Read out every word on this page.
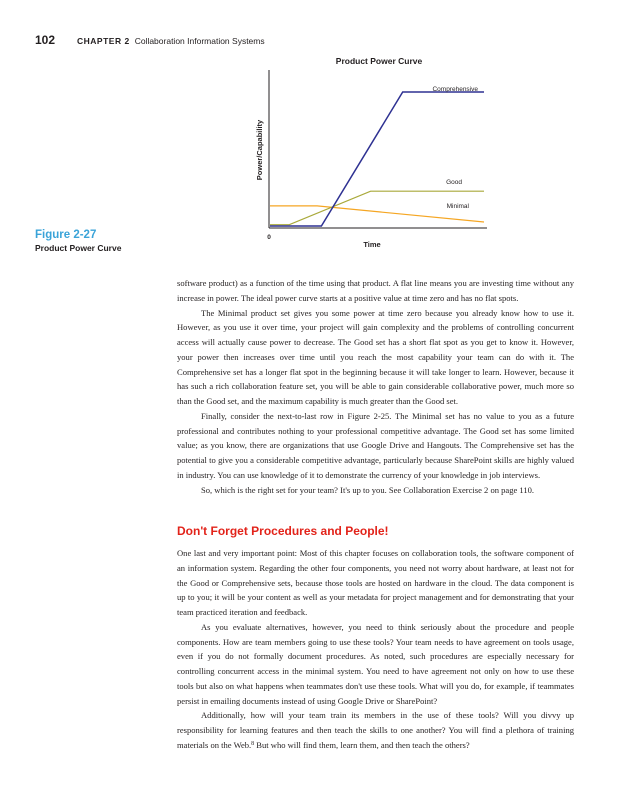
102	CHAPTER 2 Collaboration Information Systems
Figure 2-27
Product Power Curve
Product Power Curve
Power/Capability
Time
0
Comprehensive
Good
Minimal

software product) as a function of the time using that product. A flat line means you are investing time without any increase in power. The ideal power curve starts at a positive value at time zero and has no flat spots.

The Minimal product set gives you some power at time zero because you already know how to use it. However, as you use it over time, your project will gain complexity and the problems of controlling concurrent access will actually cause power to decrease. The Good set has a short flat spot as you get to know it. However, your power then increases over time until you reach the most capability your team can do with it. The Comprehensive set has a longer flat spot in the beginning because it will take longer to learn. However, because it has such a rich collaboration feature set, you will be able to gain considerable collaborative power, much more so than the Good set, and the maximum capability is much greater than the Good set.

Finally, consider the next-to-last row in Figure 2-25. The Minimal set has no value to you as a future professional and contributes nothing to your professional competitive advantage. The Good set has some limited value; as you know, there are organizations that use Google Drive and Hangouts. The Comprehensive set has the potential to give you a considerable competitive advantage, particularly because SharePoint skills are highly valued in industry. You can use knowledge of it to demonstrate the currency of your knowledge in job interviews.

So, which is the right set for your team? It's up to you. See Collaboration Exercise 2 on page 110.

Don't Forget Procedures and People!

One last and very important point: Most of this chapter focuses on collaboration tools, the software component of an information system. Regarding the other four components, you need not worry about hardware, at least not for the Good or Comprehensive sets, because those tools are hosted on hardware in the cloud. The data component is up to you; it will be your content as well as your metadata for project management and for demonstrating that your team practiced iteration and feedback.

As you evaluate alternatives, however, you need to think seriously about the procedure and people components. How are team members going to use these tools? Your team needs to have agreement on tools usage, even if you do not formally document procedures. As noted, such procedures are especially necessary for controlling concurrent access in the minimal system. You need to have agreement not only on how to use these tools but also on what happens when teammates don't use these tools. What will you do, for example, if teammates persist in emailing documents instead of using Google Drive or SharePoint?

Additionally, how will your team train its members in the use of these tools? Will you divvy up responsibility for learning features and then teach the skills to one another? You will find a plethora of training materials on the Web.$^8$ But who will find them, learn them, and then teach the others?
